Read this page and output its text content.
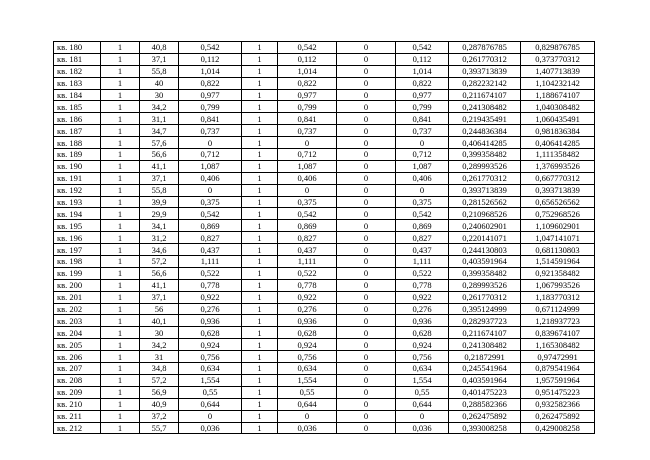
кв. 180	1	40,8	0,542	1	0,542	0	0,542	0,287876785	0,829876785
кв. 181	1	37,1	0,112	1	0,112	0	0,112	0,261770312	0,373770312
кв. 182	1	55,8	1,014	1	1,014	0	1,014	0,393713839	1,407713839
кв. 183	1	40	0,822	1	0,822	0	0,822	0,282232142	1,104232142
кв. 184	1	30	0,977	1	0,977	0	0,977	0,211674107	1,188674107
кв. 185	1	34,2	0,799	1	0,799	0	0,799	0,241308482	1,040308482
кв. 186	1	31,1	0,841	1	0,841	0	0,841	0,219435491	1,060435491
кв. 187	1	34,7	0,737	1	0,737	0	0,737	0,244836384	0,981836384
кв. 188	1	57,6	0	1	0	0	0	0,406414285	0,406414285
кв. 189	1	56,6	0,712	1	0,712	0	0,712	0,399358482	1,111358482
кв. 190	1	41,1	1,087	1	1,087	0	1,087	0,289993526	1,376993526
кв. 191	1	37,1	0,406	1	0,406	0	0,406	0,261770312	0,667770312
кв. 192	1	55,8	0	1	0	0	0	0,393713839	0,393713839
кв. 193	1	39,9	0,375	1	0,375	0	0,375	0,281526562	0,656526562
кв. 194	1	29,9	0,542	1	0,542	0	0,542	0,210968526	0,752968526
кв. 195	1	34,1	0,869	1	0,869	0	0,869	0,240602901	1,109602901
кв. 196	1	31,2	0,827	1	0,827	0	0,827	0,220141071	1,047141071
кв. 197	1	34,6	0,437	1	0,437	0	0,437	0,244130803	0,681130803
кв. 198	1	57,2	1,111	1	1,111	0	1,111	0,403591964	1,514591964
кв. 199	1	56,6	0,522	1	0,522	0	0,522	0,399358482	0,921358482
кв. 200	1	41,1	0,778	1	0,778	0	0,778	0,289993526	1,067993526
кв. 201	1	37,1	0,922	1	0,922	0	0,922	0,261770312	1,183770312
кв. 202	1	56	0,276	1	0,276	0	0,276	0,395124999	0,671124999
кв. 203	1	40,1	0,936	1	0,936	0	0,936	0,282937723	1,218937723
кв. 204	1	30	0,628	1	0,628	0	0,628	0,211674107	0,839674107
кв. 205	1	34,2	0,924	1	0,924	0	0,924	0,241308482	1,165308482
кв. 206	1	31	0,756	1	0,756	0	0,756	0,21872991	0,97472991
кв. 207	1	34,8	0,634	1	0,634	0	0,634	0,245541964	0,879541964
кв. 208	1	57,2	1,554	1	1,554	0	1,554	0,403591964	1,957591964
кв. 209	1	56,9	0,55	1	0,55	0	0,55	0,401475223	0,951475223
кв. 210	1	40,9	0,644	1	0,644	0	0,644	0,288582366	0,932582366
кв. 211	1	37,2	0	1	0	0	0	0,262475892	0,262475892
кв. 212	1	55,7	0,036	1	0,036	0	0,036	0,393008258	0,429008258
